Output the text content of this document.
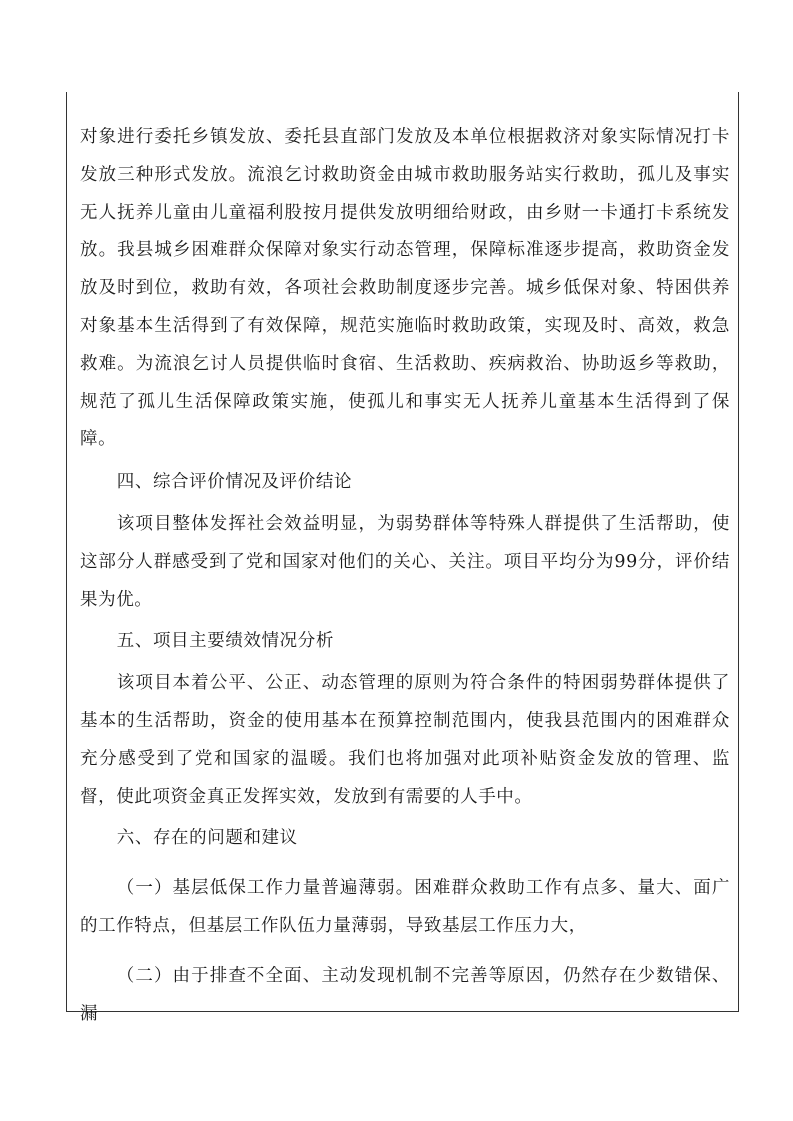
对象进行委托乡镇发放、委托县直部门发放及本单位根据救济对象实际情况打卡发放三种形式发放。流浪乞讨救助资金由城市救助服务站实行救助，孤儿及事实无人抚养儿童由儿童福利股按月提供发放明细给财政，由乡财一卡通打卡系统发放。我县城乡困难群众保障对象实行动态管理，保障标准逐步提高，救助资金发放及时到位，救助有效，各项社会救助制度逐步完善。城乡低保对象、特困供养对象基本生活得到了有效保障，规范实施临时救助政策，实现及时、高效，救急救难。为流浪乞讨人员提供临时食宿、生活救助、疾病救治、协助返乡等救助，规范了孤儿生活保障政策实施，使孤儿和事实无人抚养儿童基本生活得到了保障。

四、综合评价情况及评价结论

该项目整体发挥社会效益明显，为弱势群体等特殊人群提供了生活帮助，使这部分人群感受到了党和国家对他们的关心、关注。项目平均分为99分，评价结果为优。

五、项目主要绩效情况分析

该项目本着公平、公正、动态管理的原则为符合条件的特困弱势群体提供了基本的生活帮助，资金的使用基本在预算控制范围内，使我县范围内的困难群众充分感受到了党和国家的温暖。我们也将加强对此项补贴资金发放的管理、监督，使此项资金真正发挥实效，发放到有需要的人手中。

六、存在的问题和建议

（一）基层低保工作力量普遍薄弱。困难群众救助工作有点多、量大、面广的工作特点，但基层工作队伍力量薄弱，导致基层工作压力大，

（二）由于排查不全面、主动发现机制不完善等原因，仍然存在少数错保、漏
